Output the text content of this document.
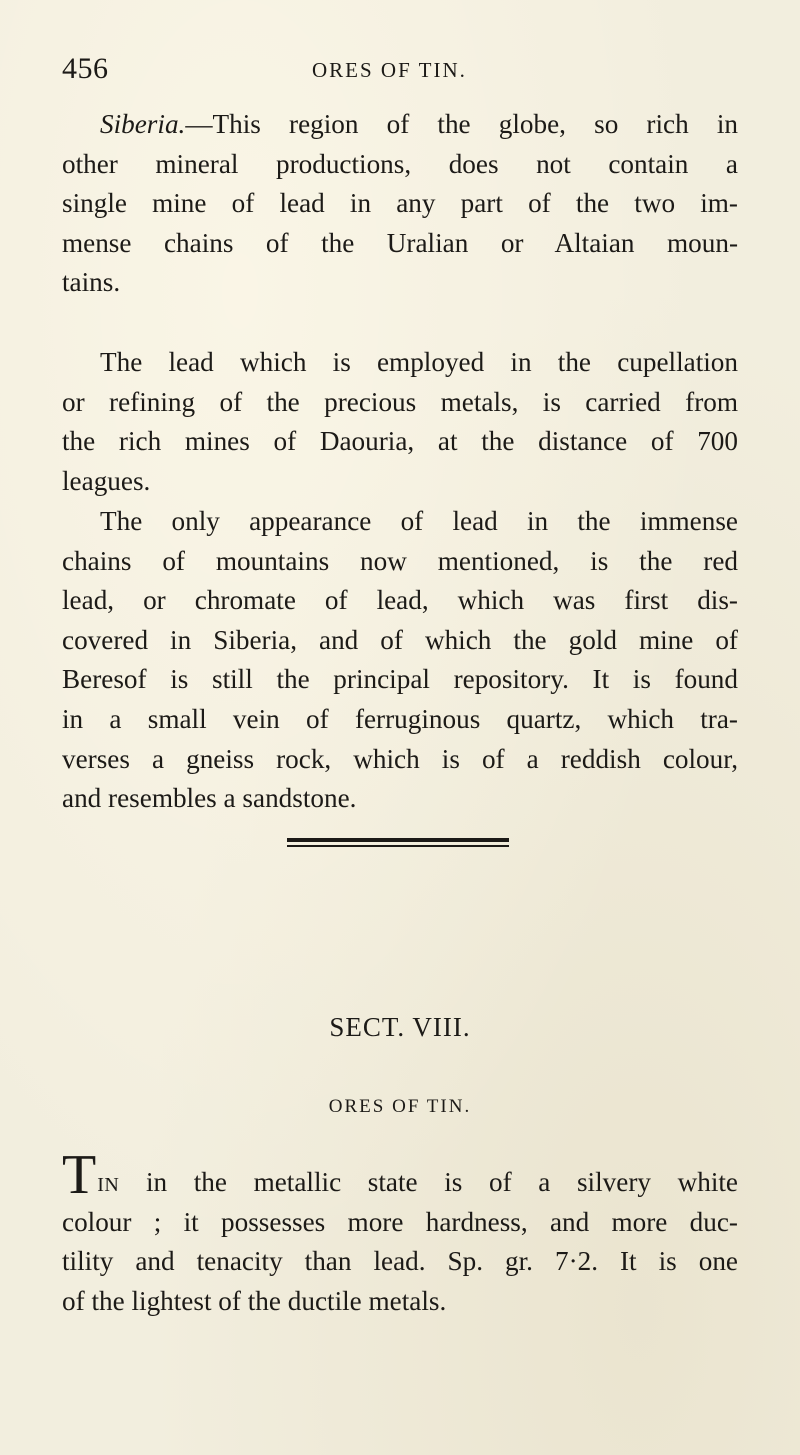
456	ORES OF TIN.
Siberia.—This region of the globe, so rich in
other mineral productions, does not contain a
single mine of lead in any part of the two im-
mense chains of the Uralian or Altaian moun-
tains.
The lead which is employed in the cupellation
or refining of the precious metals, is carried from
the rich mines of Daouria, at the distance of 700
leagues.
The only appearance of lead in the immense
chains of mountains now mentioned, is the red
lead, or chromate of lead, which was first dis-
covered in Siberia, and of which the gold mine of
Beresof is still the principal repository. It is found
in a small vein of ferruginous quartz, which tra-
verses a gneiss rock, which is of a reddish colour,
and resembles a sandstone.
SECT. VIII.
ORES OF TIN.
TIN in the metallic state is of a silvery white
colour ; it possesses more hardness, and more duc-
tility and tenacity than lead. Sp. gr. 7·2. It is one
of the lightest of the ductile metals.
